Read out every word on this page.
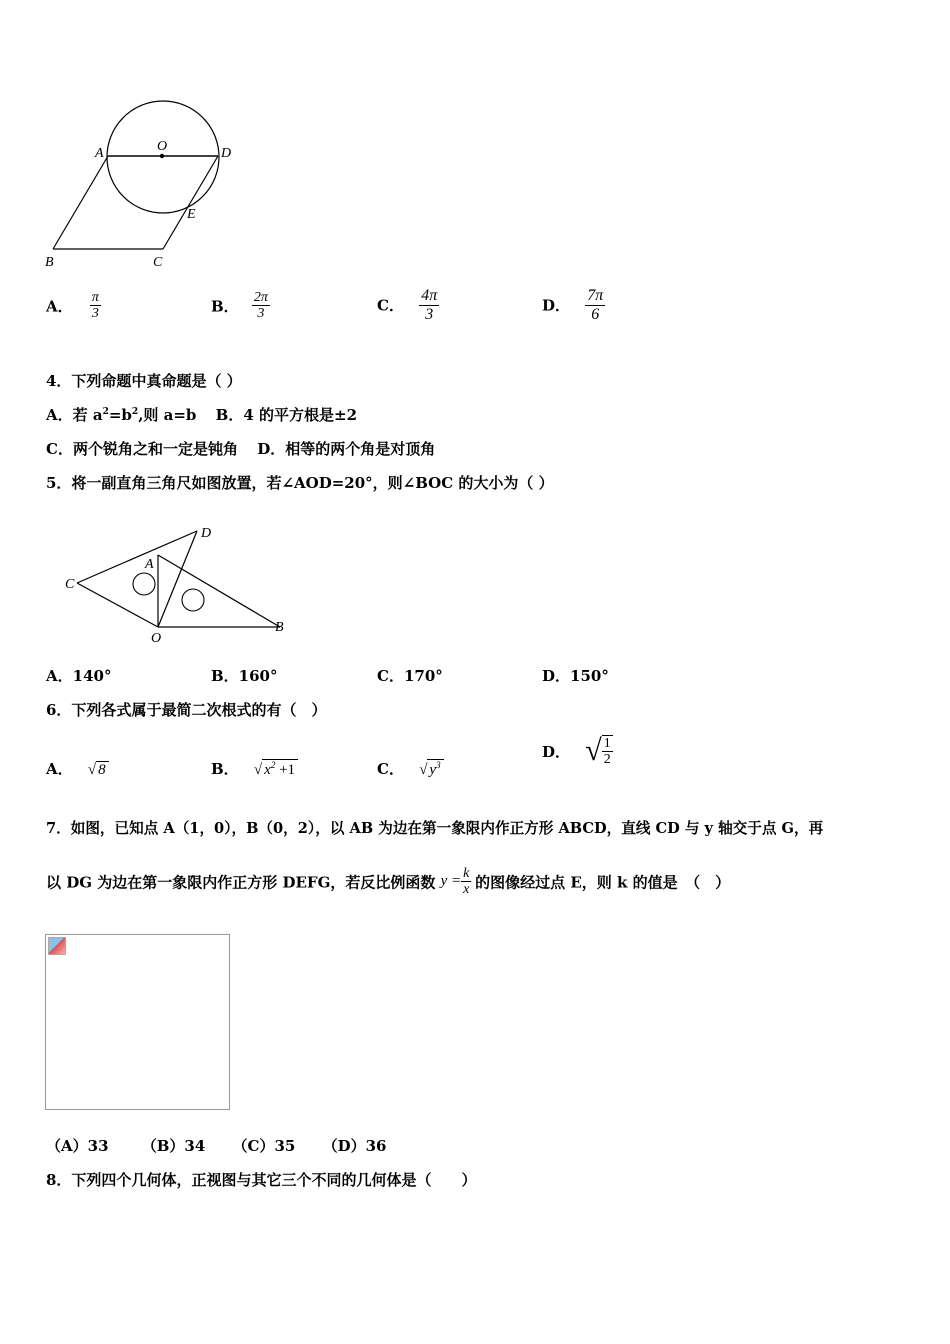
A	O	D
E
B	C
A． $\frac{\pi}{3}$	B． $\frac{2\pi}{3}$	C． $\frac{4\pi}{3}$	D． $\frac{7\pi}{6}$
4．下列命题中真命题是（ ）
A．若 $a^2=b^2$,则 a=b B．4 的平方根是±2
C．两个锐角之和一定是钝角 D．相等的两个角是对顶角
5．将一副直角三角尺如图放置，若∠AOD=20°，则∠BOC 的大小为（ ）
C
A
D
O
B
A．140°	B．160°	C．170°	D．150°
6．下列各式属于最简二次根式的有（　）
A． √ 8	B． √ $x^2 +1$	C． √ $y^3$
D． √ $\frac{1}{2}$
7．如图，已知点 A（1，0），B（0，2），以 AB 为边在第一象限内作正方形 ABCD，直线 CD 与 y 轴交于点 G，再
以 DG 为边在第一象限内作正方形 DEFG，若反比例函数 $y = \frac{k}{x}$ 的图像经过点 E，则 k 的值是　（　）
（A）33 （B）34 （C）35 （D）36
8．下列四个几何体，正视图与其它三个不同的几何体是（　　）
